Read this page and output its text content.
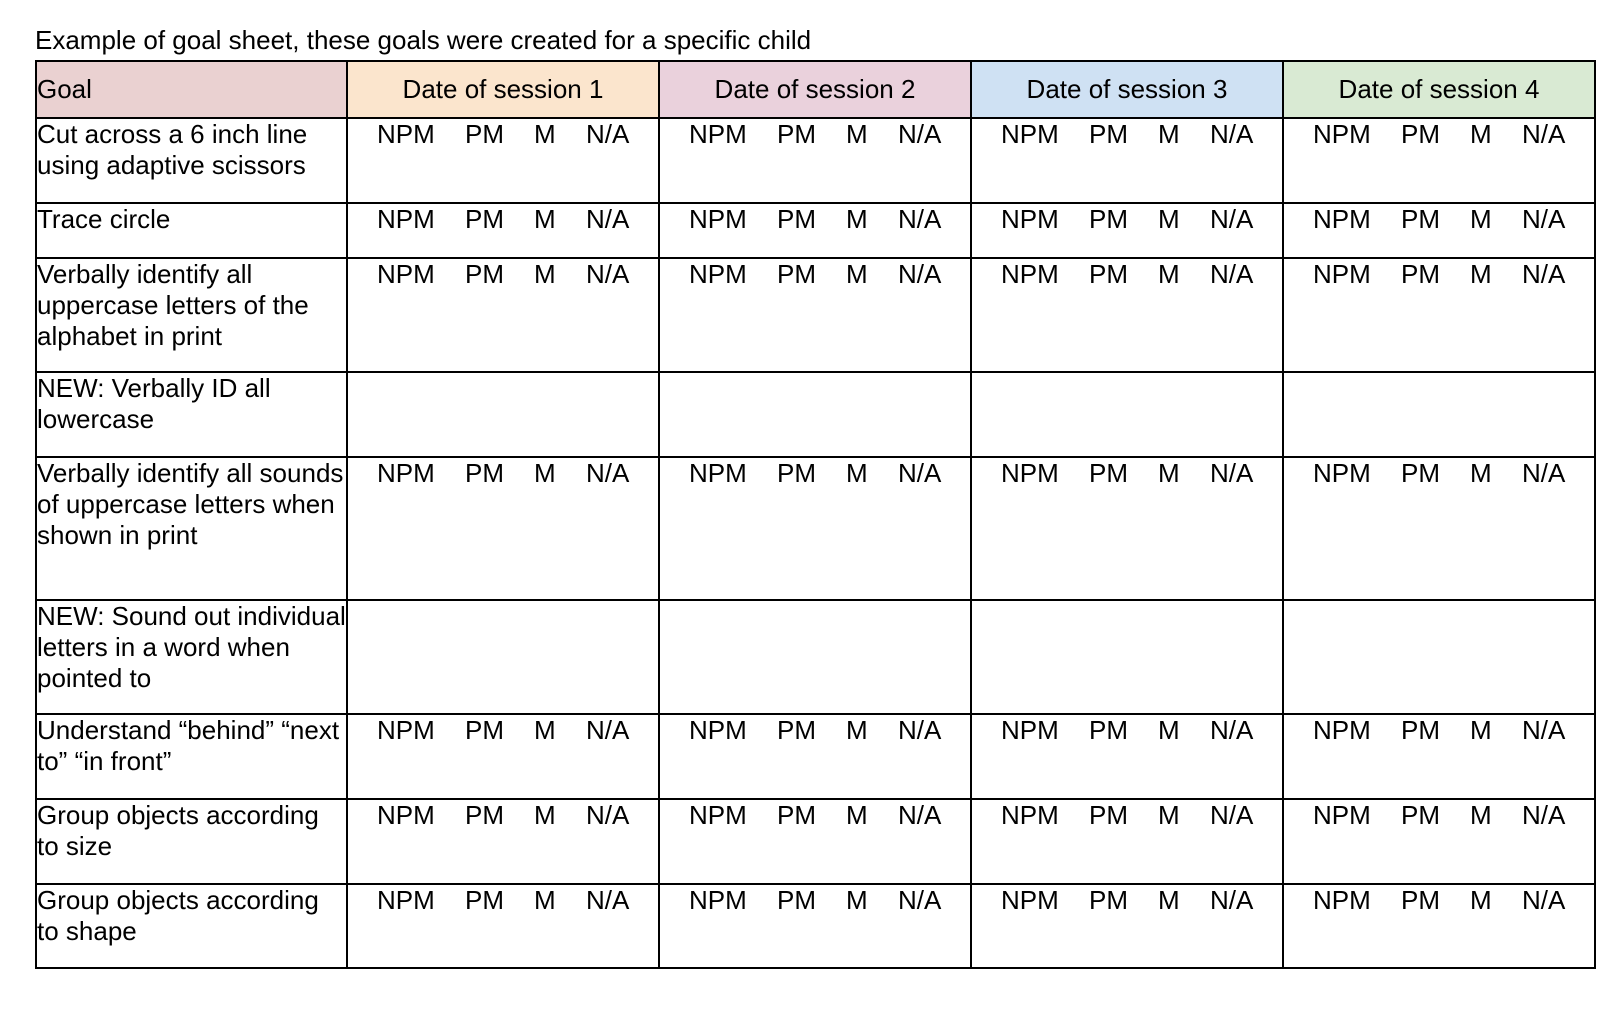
Example of goal sheet, these goals were created for a specific child
Goal	Date of session 1	Date of session 2	Date of session 3	Date of session 4
Cut across a 6 inch line using adaptive scissors	NPM PM M N/A	NPM PM M N/A	NPM PM M N/A	NPM PM M N/A

Trace circle	NPM PM M N/A	NPM PM M N/A	NPM PM M N/A	NPM PM M N/A

Verbally identify all uppercase letters of the alphabet in print	NPM PM M N/A	NPM PM M N/A	NPM PM M N/A	NPM PM M N/A

NEW: Verbally ID all lowercase				
Verbally identify all sounds of uppercase letters when shown in print	NPM PM M N/A	NPM PM M N/A	NPM PM M N/A	NPM PM M N/A

NEW: Sound out individual letters in a word when pointed to				
Understand “behind” “next to” “in front”	NPM PM M N/A	NPM PM M N/A	NPM PM M N/A	NPM PM M N/A

Group objects according to size	NPM PM M N/A	NPM PM M N/A	NPM PM M N/A	NPM PM M N/A

Group objects according to shape	NPM PM M N/A	NPM PM M N/A	NPM PM M N/A	NPM PM M N/A
